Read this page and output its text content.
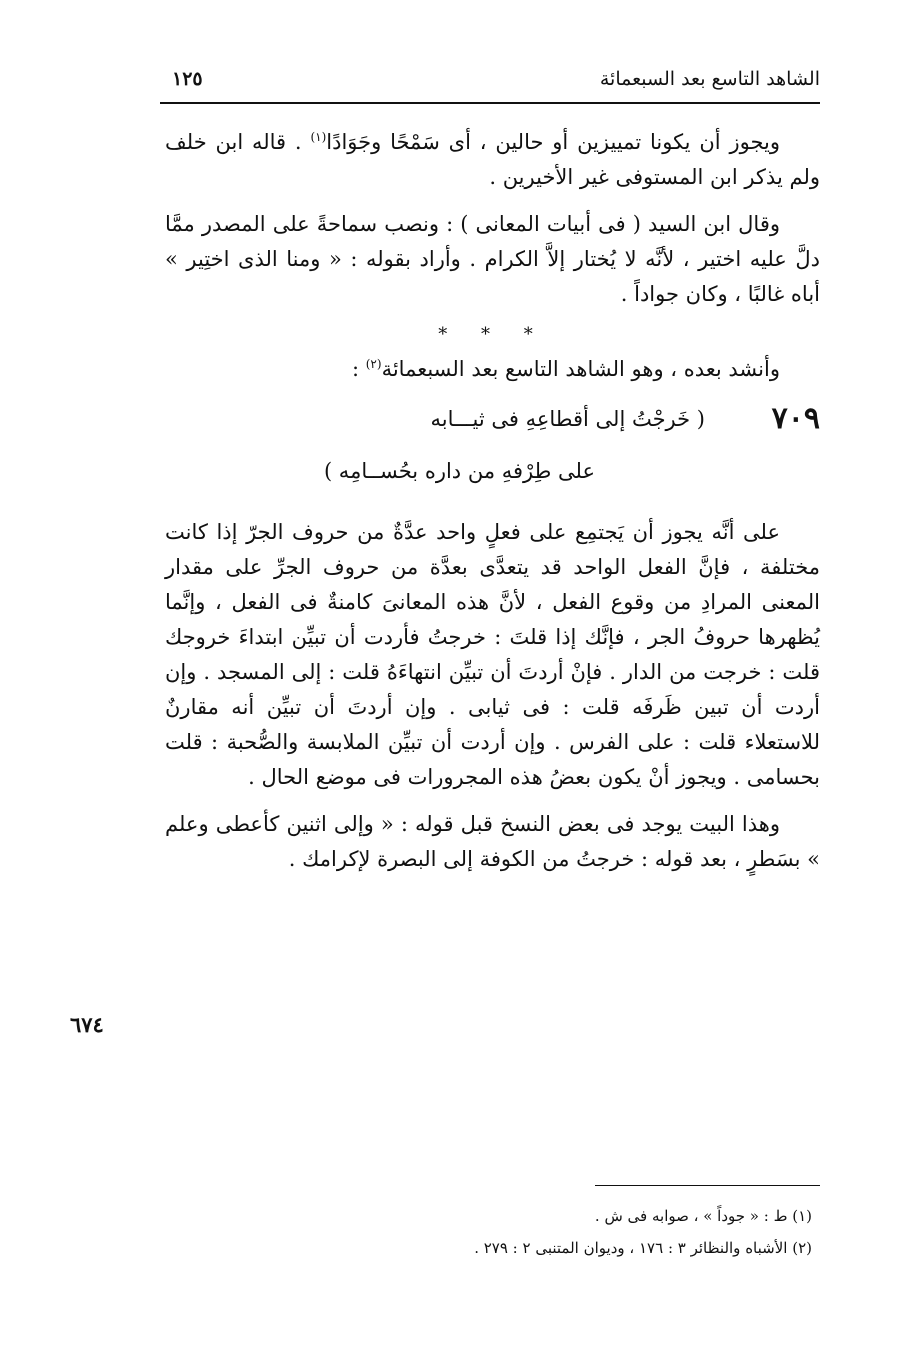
الشاهد التاسع بعد السبعمائة
١٢٥

ويجوز أن يكونا تمييزين أو حالين ، أى سَمْحًا وجَوَادًا$^{(١)}$ . قاله ابن خلف ولم يذكر ابن المستوفى غير الأخيرين .

وقال ابن السيد ( فى أبيات المعانى ) : ونصب سماحةً على المصدر ممَّا دلَّ عليه اختير ، لأنَّه لا يُختار إلاَّ الكرام . وأراد بقوله : « ومنا الذى اختِير » أباه غالبًا ، وكان جواداً .

* * *

وأنشد بعده ، وهو الشاهد التاسع بعد السبعمائة$^{(٢)}$ :

٧٠٩
( خَرجْتُ إلى أقطاعِهِ فى ثيـــابه
على طِرْفهِ من داره بحُســامِه )

على أنَّه يجوز أن يَجتمِع على فعلٍ واحد عدَّةٌ من حروف الجرّ إذا كانت مختلفة ، فإنَّ الفعل الواحد قد يتعدَّى بعدَّة من حروف الجرِّ على مقدار المعنى المرادِ من وقوع الفعل ، لأنَّ هذه المعانىَ كامنةٌ فى الفعل ، وإنَّما يُظهرها حروفُ الجر ، فإنَّك إذا قلتَ : خرجتُ فأردت أن تبيِّن ابتداءَ خروجك قلت : خرجت من الدار . فإنْ أردتَ أن تبيِّن انتهاءَهُ قلت : إلى المسجد . وإن أردت أن تبين ظَرفَه قلت : فى ثيابى . وإن أردتَ أن تبيِّن أنه مقارنٌ للاستعلاء قلت : على الفرس . وإن أردت أن تبيِّن الملابسة والصُّحبة : قلت بحسامى . ويجوز أنْ يكون بعضُ هذه المجرورات فى موضع الحال .

وهذا البيت يوجد فى بعض النسخ قبل قوله : « وإلى اثنين كأعطى وعلم » بسَطرٍ ، بعد قوله : خرجتُ من الكوفة إلى البصرة لإكرامك .

٦٧٤
(١) ط : « جوداً » ، صوابه فى ش .
(٢) الأشباه والنظائر ٣ : ١٧٦ ، وديوان المتنبى ٢ : ٢٧٩ .
